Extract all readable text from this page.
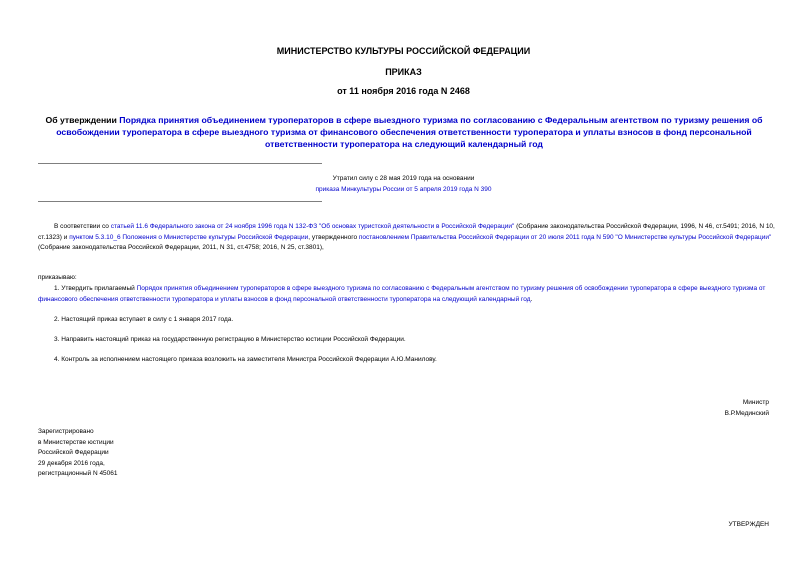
МИНИСТЕРСТВО КУЛЬТУРЫ РОССИЙСКОЙ ФЕДЕРАЦИИ
ПРИКАЗ
от 11 ноября 2016 года N 2468
Об утверждении Порядка принятия объединением туроператоров в сфере выездного туризма по согласованию с Федеральным агентством по туризму решения об освобождении туроператора в сфере выездного туризма от финансового обеспечения ответственности туроператора и уплаты взносов в фонд персональной ответственности туроператора на следующий календарный год
Утратил силу с 28 мая 2019 года на основании
приказа Минкультуры России от 5 апреля 2019 года N 390
В соответствии со статьей 11.6 Федерального закона от 24 ноября 1996 года N 132-ФЗ "Об основах туристской деятельности в Российской Федерации" (Собрание законодательства Российской Федерации, 1996, N 46, ст.5491; 2016, N 10, ст.1323) и пунктом 5.3.10_6 Положения о Министерстве культуры Российской Федерации, утвержденного постановлением Правительства Российской Федерации от 20 июля 2011 года N 590 "О Министерстве культуры Российской Федерации" (Собрание законодательства Российской Федерации, 2011, N 31, ст.4758; 2016, N 25, ст.3801),
приказываю:
1. Утвердить прилагаемый Порядок принятия объединением туроператоров в сфере выездного туризма по согласованию с Федеральным агентством по туризму решения об освобождении туроператора в сфере выездного туризма от финансового обеспечения ответственности туроператора и уплаты взносов в фонд персональной ответственности туроператора на следующий календарный год.
2. Настоящий приказ вступает в силу с 1 января 2017 года.
3. Направить настоящий приказ на государственную регистрацию в Министерство юстиции Российской Федерации.
4. Контроль за исполнением настоящего приказа возложить на заместителя Министра Российской Федерации А.Ю.Манилову.
Министр
В.Р.Мединский
Зарегистрировано
в Министерстве юстиции
Российской Федерации
29 декабря 2016 года,
регистрационный N 45061
УТВЕРЖДЕН
